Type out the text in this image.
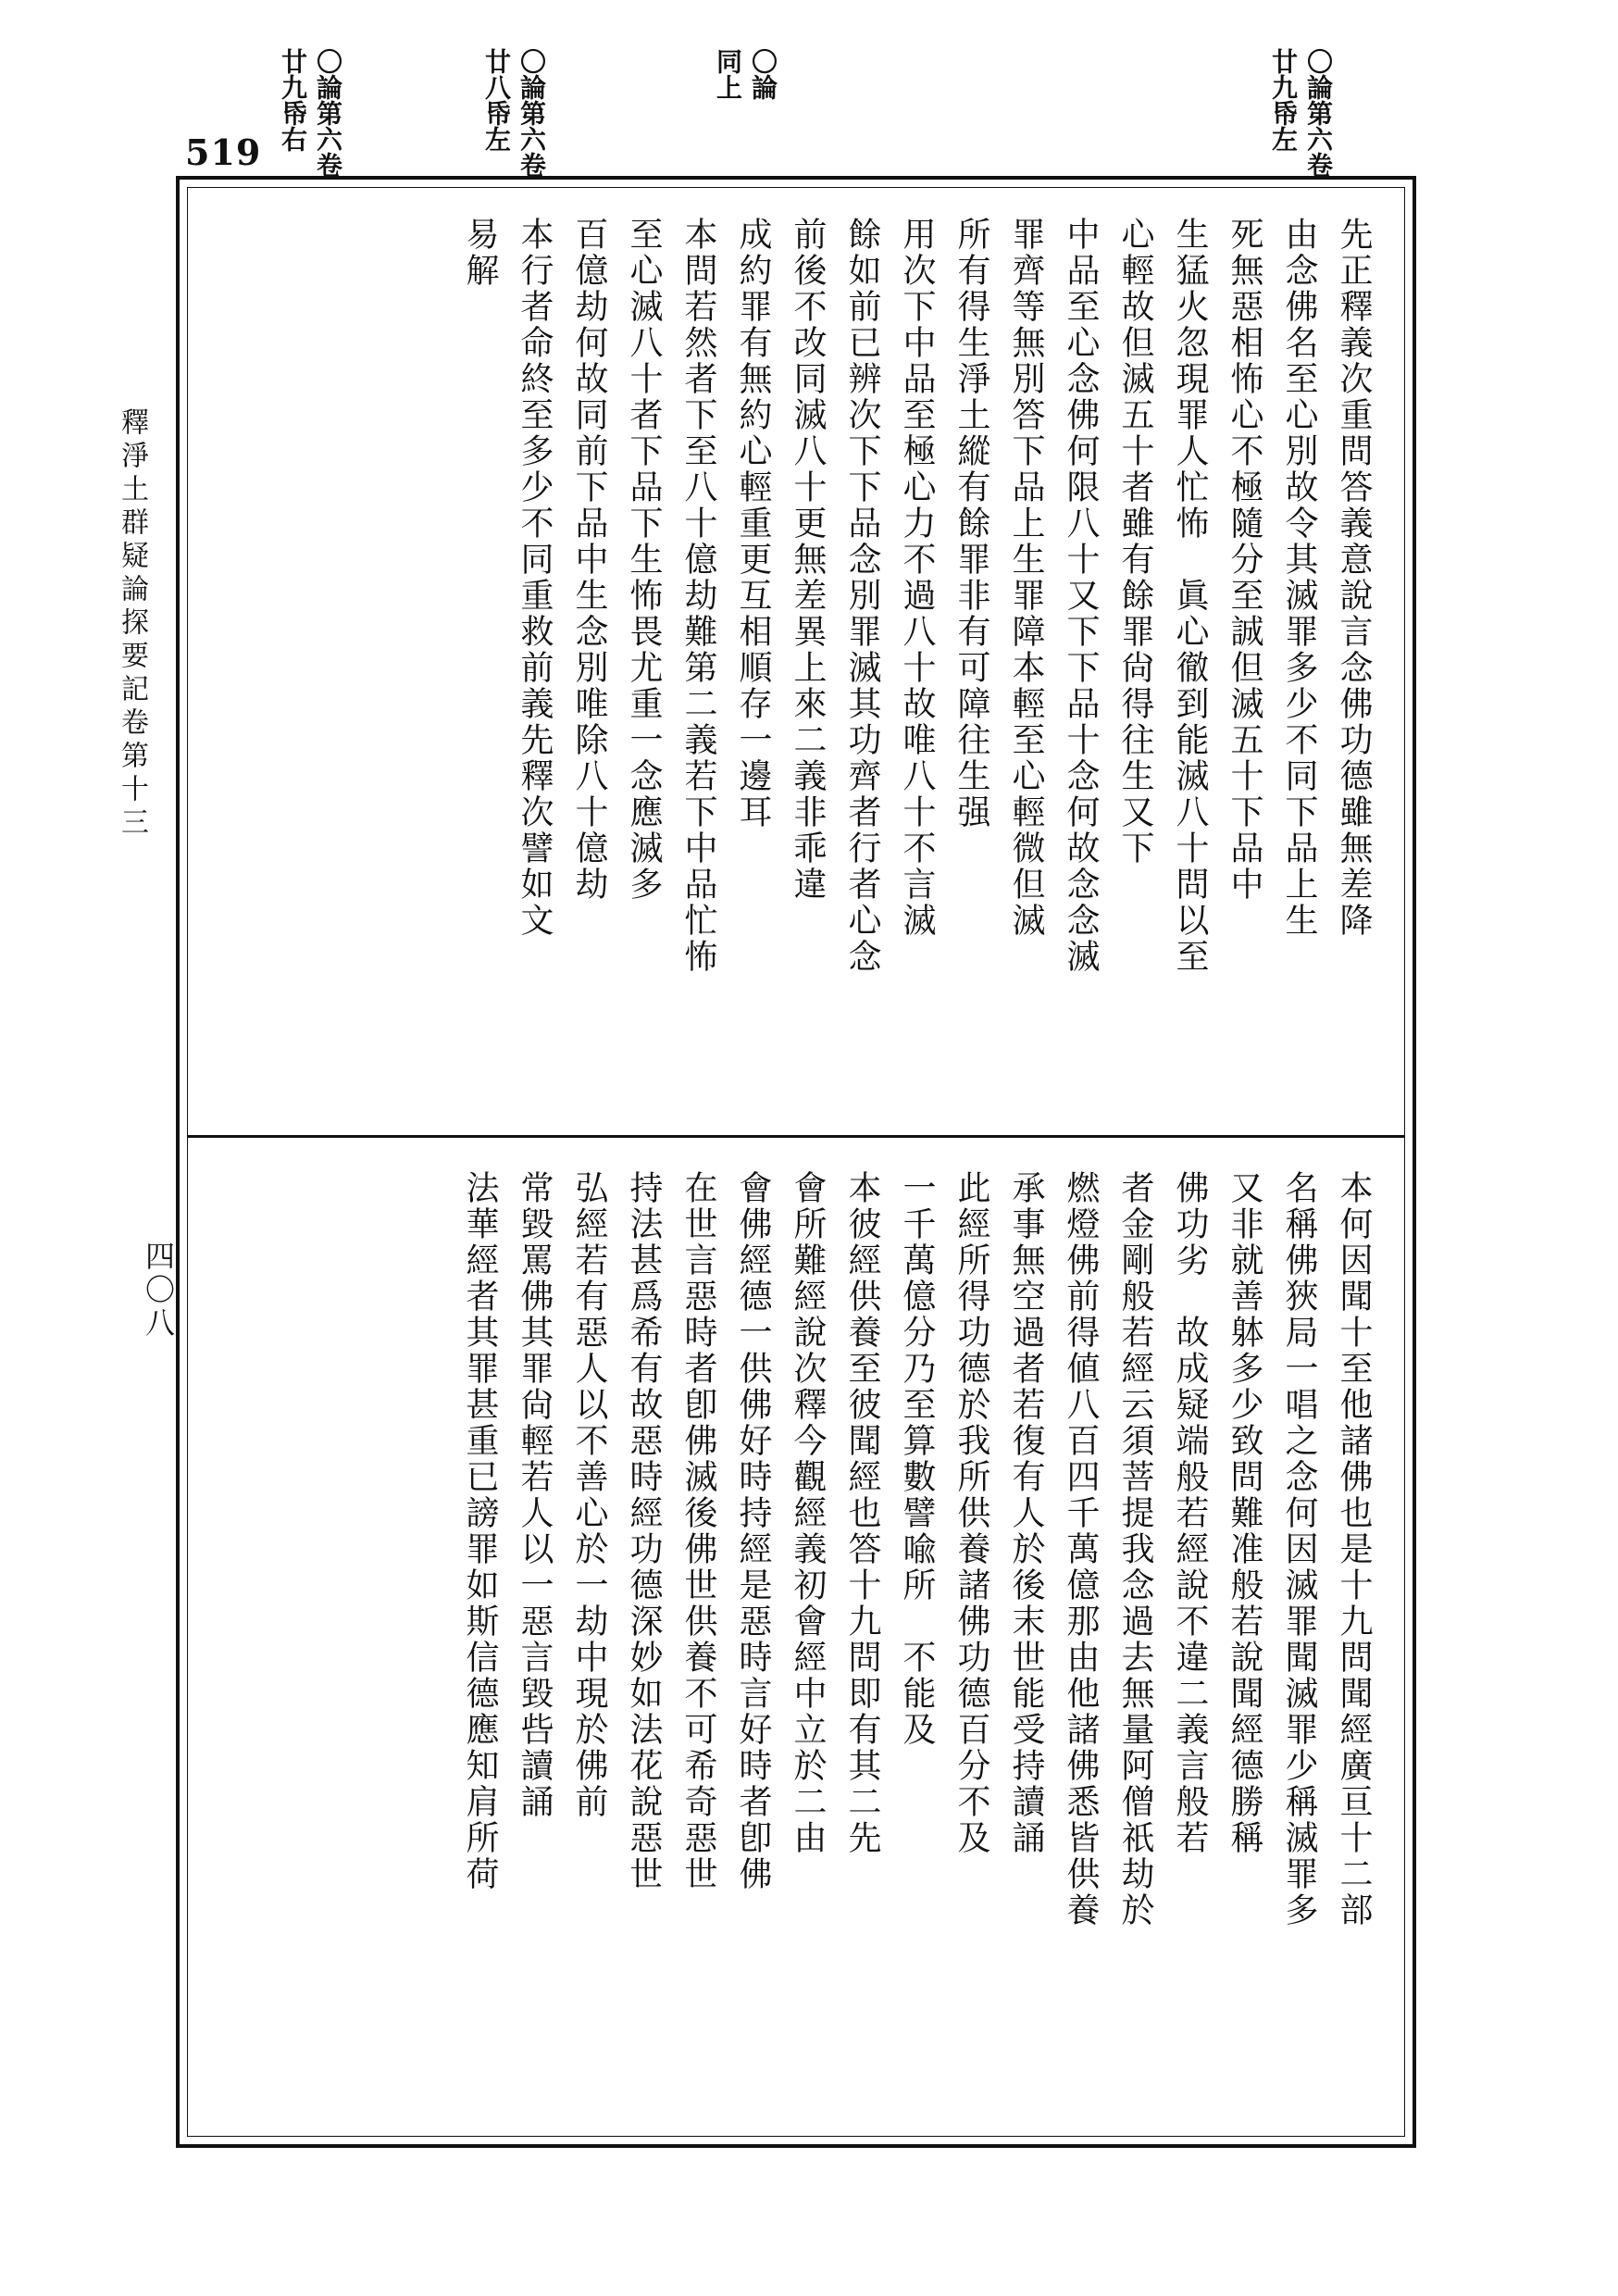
519	〇論第六卷
廿九帋左
〇論
同上
〇論第六卷
廿八帋左
〇論第六卷
廿九帋右
釋淨土群疑論探要記卷第十三
四〇八
先正釋義次重問答義意說言念佛功德雖無差降
由念佛名至心別故令其滅罪多少不同下品上生
死無惡相怖心不極隨分至誠但滅五十下品中
生猛火忽現罪人忙怖　眞心徹到能滅八十問以至
心輕故但滅五十者雖有餘罪尙得往生又下
中品至心念佛何限八十又下下品十念何故念念滅
罪齊等無別答下品上生罪障本輕至心輕微但滅
所有得生淨土縱有餘罪非有可障往生强
用次下中品至極心力不過八十故唯八十不言滅
餘如前已辨次下下品念別罪滅其功齊者行者心念
前後不改同滅八十更無差異上來二義非乖違
成約罪有無約心輕重更互相順存一邊耳
本問若然者下至八十億劫難第二義若下中品忙怖
至心滅八十者下品下生怖畏尤重一念應滅多
百億劫何故同前下品中生念別唯除八十億劫
本行者命終至多少不同重救前義先釋次譬如文
易解
本何因聞十至他諸佛也是十九問聞經廣亘十二部
名稱佛狹局一唱之念何因滅罪聞滅罪少稱滅罪多
又非就善躰多少致問難准般若說聞經德勝稱
佛功劣　故成疑端般若經說不違二義言般若
者金剛般若經云須菩提我念過去無量阿僧祇劫於
燃燈佛前得値八百四千萬億那由他諸佛悉皆供養
承事無空過者若復有人於後末世能受持讀誦
此經所得功德於我所供養諸佛功德百分不及
一千萬億分乃至算數譬喩所　不能及
本彼經供養至彼聞經也答十九問即有其二先
會所難經說次釋今觀經義初會經中立於二由
會佛經德一供佛好時持經是惡時言好時者卽佛
在世言惡時者卽佛滅後佛世供養不可希奇惡世
持法甚爲希有故惡時經功德深妙如法花說惡世
弘經若有惡人以不善心於一劫中現於佛前
常毀罵佛其罪尙輕若人以一惡言毀呰讀誦
法華經者其罪甚重已謗罪如斯信德應知肩所荷
